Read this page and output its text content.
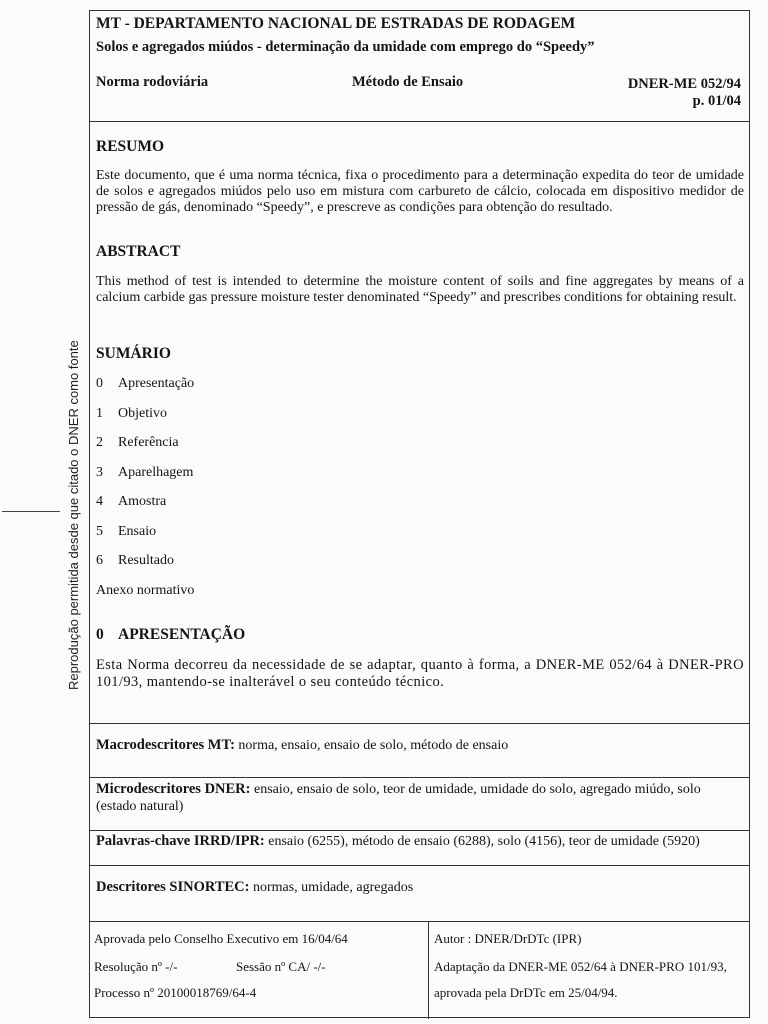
Reprodução permitida desde que citado o DNER como fonte
MT - DEPARTAMENTO NACIONAL DE ESTRADAS DE RODAGEM
Solos e agregados miúdos - determinação da umidade com emprego do “Speedy”
Norma rodoviária	Método de Ensaio	DNER-ME 052/94
p. 01/04
RESUMO
Este documento, que é uma norma técnica, fixa o procedimento para a determinação expedita do teor de umidade de solos e agregados miúdos pelo uso em mistura com carbureto de cálcio, colocada em dispositivo medidor de pressão de gás, denominado “Speedy”, e prescreve as condições para obtenção do resultado.
ABSTRACT
This method of test is intended to determine the moisture content of soils and fine aggregates by means of a calcium carbide gas pressure moisture tester denominated “Speedy” and prescribes conditions for obtaining result.
SUMÁRIO
0 Apresentação
1 Objetivo
2 Referência
3 Aparelhagem
4 Amostra
5 Ensaio
6 Resultado
Anexo normativo
0 APRESENTAÇÃO
Esta Norma decorreu da necessidade de se adaptar, quanto à forma, a DNER-ME 052/64 à DNER-PRO 101/93, mantendo-se inalterável o seu conteúdo técnico.
Macrodescritores MT: norma, ensaio, ensaio de solo, método de ensaio
Microdescritores DNER: ensaio, ensaio de solo, teor de umidade, umidade do solo, agregado miúdo, solo (estado natural)
Palavras-chave IRRD/IPR: ensaio (6255), método de ensaio (6288), solo (4156), teor de umidade (5920)
Descritores SINORTEC: normas, umidade, agregados
Aprovada pelo Conselho Executivo em 16/04/64
Resolução nº -/-	Sessão nº CA/ -/-
Processo nº 20100018769/64-4
Autor : DNER/DrDTc (IPR)
Adaptação da DNER-ME 052/64 à DNER-PRO 101/93,
aprovada pela DrDTc em 25/04/94.
